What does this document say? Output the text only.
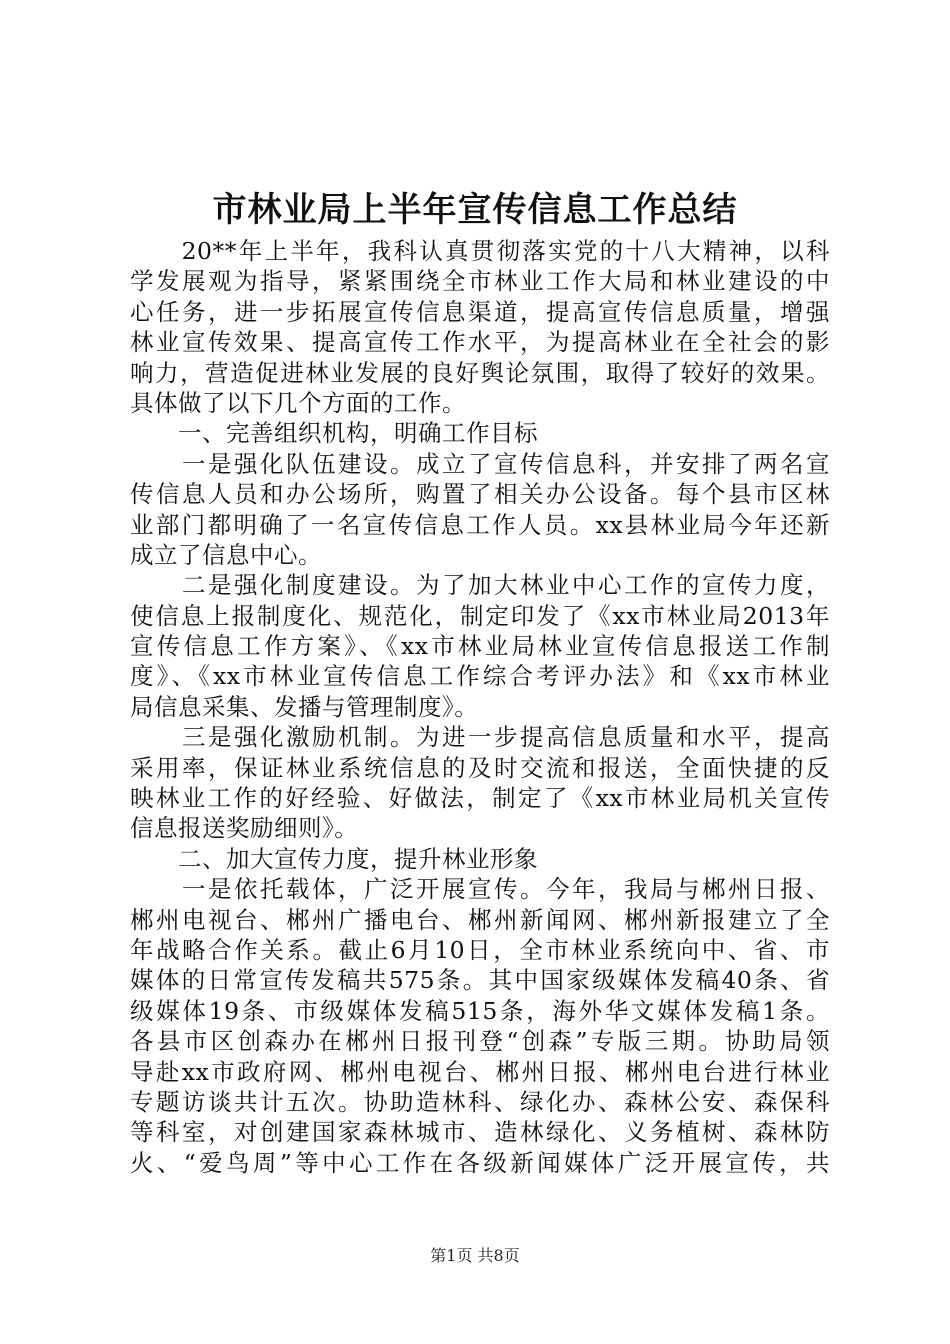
市林业局上半年宣传信息工作总结
　　20**年上半年，我科认真贯彻落实党的十八大精神，以科
学发展观为指导，紧紧围绕全市林业工作大局和林业建设的中
心任务，进一步拓展宣传信息渠道，提高宣传信息质量，增强
林业宣传效果、提高宣传工作水平，为提高林业在全社会的影
响力，营造促进林业发展的良好舆论氛围，取得了较好的效果。
具体做了以下几个方面的工作。
　　一、完善组织机构，明确工作目标
　　一是强化队伍建设。成立了宣传信息科，并安排了两名宣
传信息人员和办公场所，购置了相关办公设备。每个县市区林
业部门都明确了一名宣传信息工作人员。xx县林业局今年还新
成立了信息中心。
　　二是强化制度建设。为了加大林业中心工作的宣传力度，
使信息上报制度化、规范化，制定印发了《xx市林业局2013年
宣传信息工作方案》、《xx市林业局林业宣传信息报送工作制
度》、《xx市林业宣传信息工作综合考评办法》和《xx市林业
局信息采集、发播与管理制度》。
　　三是强化激励机制。为进一步提高信息质量和水平，提高
采用率，保证林业系统信息的及时交流和报送，全面快捷的反
映林业工作的好经验、好做法，制定了《xx市林业局机关宣传
信息报送奖励细则》。
　　二、加大宣传力度，提升林业形象
　　一是依托载体，广泛开展宣传。今年，我局与郴州日报、
郴州电视台、郴州广播电台、郴州新闻网、郴州新报建立了全
年战略合作关系。截止6月10日，全市林业系统向中、省、市
媒体的日常宣传发稿共575条。其中国家级媒体发稿40条、省
级媒体19条、市级媒体发稿515条，海外华文媒体发稿1条。
各县市区创森办在郴州日报刊登“创森”专版三期。协助局领
导赴xx市政府网、郴州电视台、郴州日报、郴州电台进行林业
专题访谈共计五次。协助造林科、绿化办、森林公安、森保科
等科室，对创建国家森林城市、造林绿化、义务植树、森林防
火、“爱鸟周”等中心工作在各级新闻媒体广泛开展宣传，共
第1页 共8页
